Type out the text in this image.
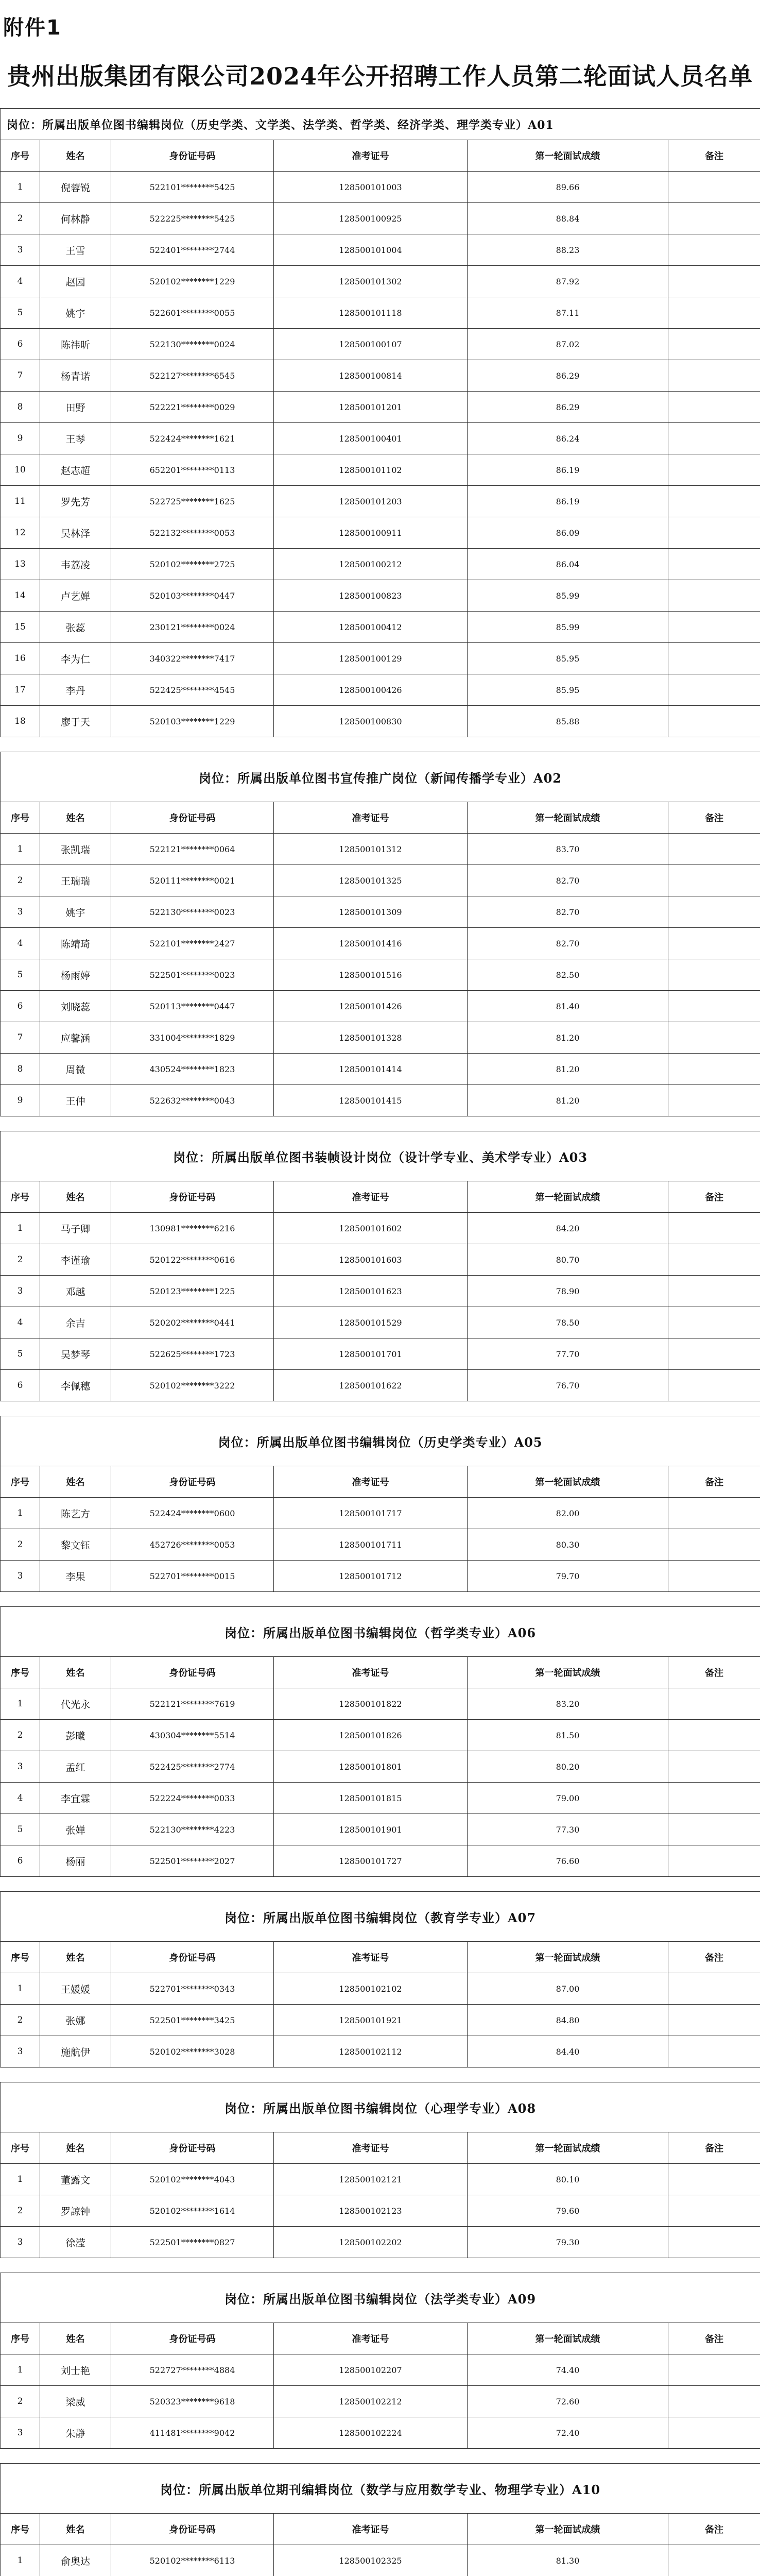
附件1
贵州出版集团有限公司2024年公开招聘工作人员第二轮面试人员名单
岗位：所属出版单位图书编辑岗位（历史学类、文学类、法学类、哲学类、经济学类、理学类专业）A01					
序号	姓名	身份证号码	准考证号	第一轮面试成绩	备注
1	倪蓉锐	522101********5425	128500101003	89.66	
2	何林静	522225********5425	128500100925	88.84	
3	王雪	522401********2744	128500101004	88.23	
4	赵园	520102********1229	128500101302	87.92	
5	姚宇	522601********0055	128500101118	87.11	
6	陈祎昕	522130********0024	128500100107	87.02	
7	杨青诺	522127********6545	128500100814	86.29	
8	田野	522221********0029	128500101201	86.29	
9	王琴	522424********1621	128500100401	86.24	
10	赵志超	652201********0113	128500101102	86.19	
11	罗先芳	522725********1625	128500101203	86.19	
12	吴林泽	522132********0053	128500100911	86.09	
13	韦荔凌	520102********2725	128500100212	86.04	
14	卢艺婵	520103********0447	128500100823	85.99	
15	张蕊	230121********0024	128500100412	85.99	
16	李为仁	340322********7417	128500100129	85.95	
17	李丹	522425********4545	128500100426	85.95	
18	廖于天	520103********1229	128500100830	85.88	
岗位：所属出版单位图书宣传推广岗位（新闻传播学专业）A02					
序号	姓名	身份证号码	准考证号	第一轮面试成绩	备注
1	张凯瑞	522121********0064	128500101312	83.70	
2	王瑞瑞	520111********0021	128500101325	82.70	
3	姚宇	522130********0023	128500101309	82.70	
4	陈靖琦	522101********2427	128500101416	82.70	
5	杨雨婷	522501********0023	128500101516	82.50	
6	刘晓蕊	520113********0447	128500101426	81.40	
7	应馨涵	331004********1829	128500101328	81.20	
8	周微	430524********1823	128500101414	81.20	
9	王仲	522632********0043	128500101415	81.20	
岗位：所属出版单位图书装帧设计岗位（设计学专业、美术学专业）A03					
序号	姓名	身份证号码	准考证号	第一轮面试成绩	备注
1	马子卿	130981********6216	128500101602	84.20	
2	李谨瑜	520122********0616	128500101603	80.70	
3	邓越	520123********1225	128500101623	78.90	
4	余吉	520202********0441	128500101529	78.50	
5	吴梦琴	522625********1723	128500101701	77.70	
6	李佩穗	520102********3222	128500101622	76.70	
岗位：所属出版单位图书编辑岗位（历史学类专业）A05					
序号	姓名	身份证号码	准考证号	第一轮面试成绩	备注
1	陈艺方	522424********0600	128500101717	82.00	
2	黎文钰	452726********0053	128500101711	80.30	
3	李果	522701********0015	128500101712	79.70	
岗位：所属出版单位图书编辑岗位（哲学类专业）A06					
序号	姓名	身份证号码	准考证号	第一轮面试成绩	备注
1	代光永	522121********7619	128500101822	83.20	
2	彭曦	430304********5514	128500101826	81.50	
3	孟红	522425********2774	128500101801	80.20	
4	李宜霖	522224********0033	128500101815	79.00	
5	张婵	522130********4223	128500101901	77.30	
6	杨丽	522501********2027	128500101727	76.60	
岗位：所属出版单位图书编辑岗位（教育学专业）A07					
序号	姓名	身份证号码	准考证号	第一轮面试成绩	备注
1	王媛媛	522701********0343	128500102102	87.00	
2	张娜	522501********3425	128500101921	84.80	
3	施航伊	520102********3028	128500102112	84.40	
岗位：所属出版单位图书编辑岗位（心理学专业）A08					
序号	姓名	身份证号码	准考证号	第一轮面试成绩	备注
1	董露文	520102********4043	128500102121	80.10	
2	罗諒钟	520102********1614	128500102123	79.60	
3	徐滢	522501********0827	128500102202	79.30	
岗位：所属出版单位图书编辑岗位（法学类专业）A09					
序号	姓名	身份证号码	准考证号	第一轮面试成绩	备注
1	刘士艳	522727********4884	128500102207	74.40	
2	梁威	520323********9618	128500102212	72.60	
3	朱静	411481********9042	128500102224	72.40	
岗位：所属出版单位期刊编辑岗位（数学与应用数学专业、物理学专业）A10					
序号	姓名	身份证号码	准考证号	第一轮面试成绩	备注
1	俞奥达	520102********6113	128500102325	81.30	
